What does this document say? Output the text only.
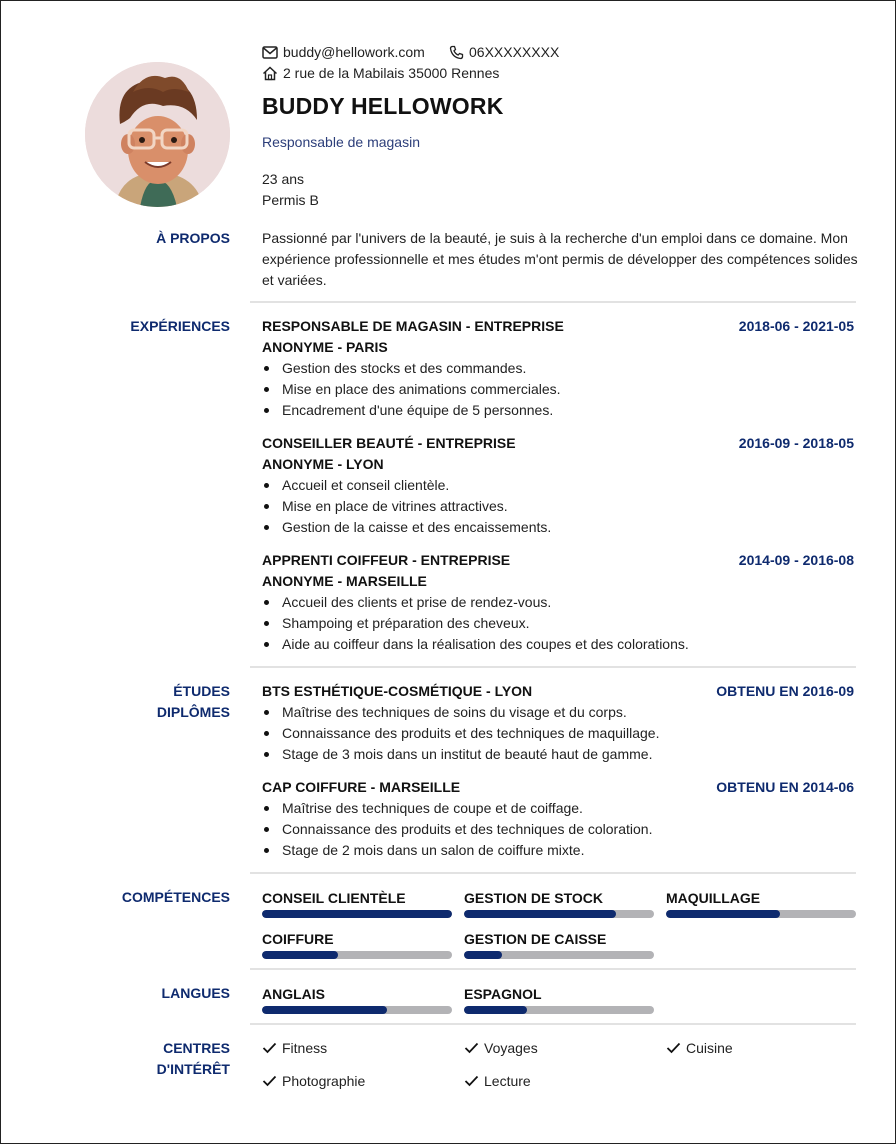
buddy@hellowork.com	06XXXXXXXX
2 rue de la Mabilais 35000 Rennes
BUDDY HELLOWORK
Responsable de magasin
23 ans
Permis B
À PROPOS Passionné par l'univers de la beauté, je suis à la recherche d'un emploi dans ce domaine. Mon expérience professionnelle et mes études m'ont permis de développer des compétences solides et variées.
EXPÉRIENCES RESPONSABLE DE MAGASIN - ENTREPRISE	2018-06 - 2021-05
ANONYME - PARIS
Gestion des stocks et des commandes.
Mise en place des animations commerciales.
Encadrement d'une équipe de 5 personnes.
CONSEILLER BEAUTÉ - ENTREPRISE	2016-09 - 2018-05
ANONYME - LYON
Accueil et conseil clientèle.
Mise en place de vitrines attractives.
Gestion de la caisse et des encaissements.
APPRENTI COIFFEUR - ENTREPRISE	2014-09 - 2016-08
ANONYME - MARSEILLE
Accueil des clients et prise de rendez-vous.
Shampoing et préparation des cheveux.
Aide au coiffeur dans la réalisation des coupes et des colorations.
ÉTUDES
DIPLÔMES
BTS ESTHÉTIQUE-COSMÉTIQUE - LYON	OBTENU EN 2016-09
Maîtrise des techniques de soins du visage et du corps.
Connaissance des produits et des techniques de maquillage.
Stage de 3 mois dans un institut de beauté haut de gamme.
CAP COIFFURE - MARSEILLE	OBTENU EN 2014-06
Maîtrise des techniques de coupe et de coiffage.
Connaissance des produits et des techniques de coloration.
Stage de 2 mois dans un salon de coiffure mixte.
COMPÉTENCES CONSEIL CLIENTÈLE	GESTION DE STOCK	MAQUILLAGE
COIFFURE	GESTION DE CAISSE
LANGUES ANGLAIS	ESPAGNOL
CENTRES
D'INTÉRÊT
Fitness	Voyages	Cuisine
Photographie	Lecture
